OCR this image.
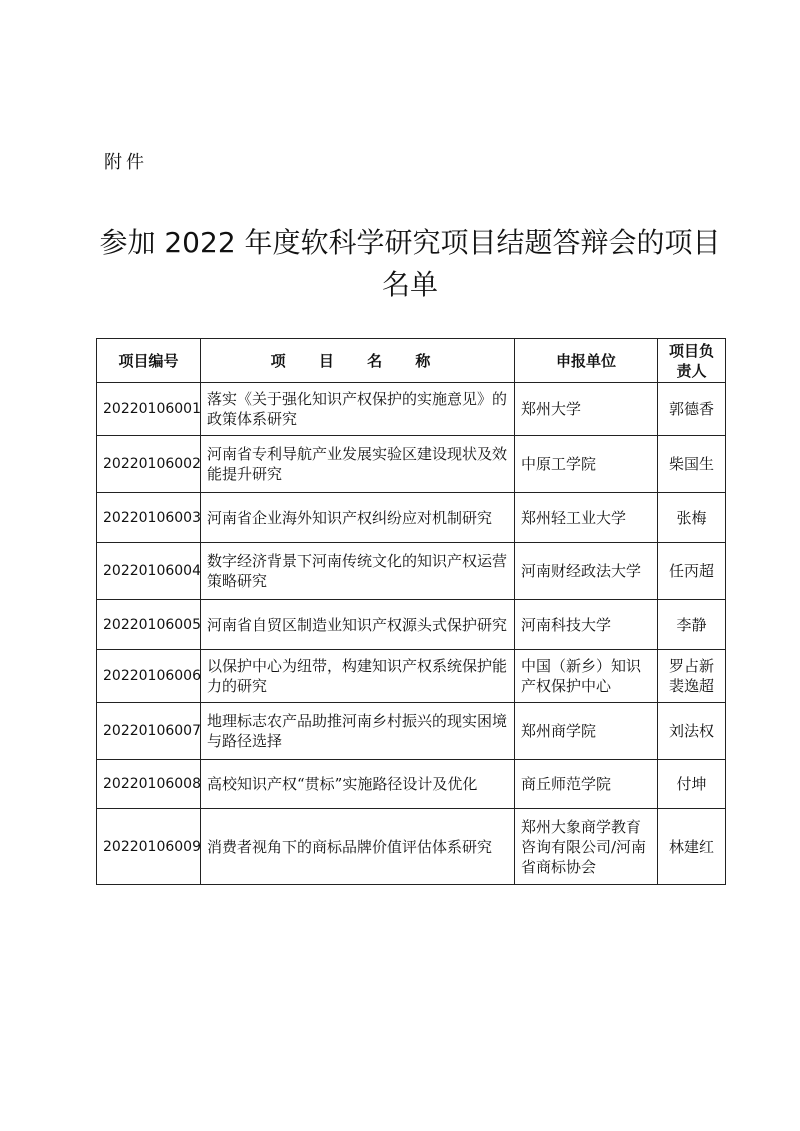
附件
参加 2022 年度软科学研究项目结题答辩会的项目名单
项目编号	项 目 名 称	申报单位	项目负责人
20220106001	落实《关于强化知识产权保护的实施意见》的政策体系研究	郑州大学	郭德香
20220106002	河南省专利导航产业发展实验区建设现状及效能提升研究	中原工学院	柴国生
20220106003	河南省企业海外知识产权纠纷应对机制研究	郑州轻工业大学	张梅
20220106004	数字经济背景下河南传统文化的知识产权运营策略研究	河南财经政法大学	任丙超
20220106005	河南省自贸区制造业知识产权源头式保护研究	河南科技大学	李静
20220106006	以保护中心为纽带，构建知识产权系统保护能力的研究	中国（新乡）知识产权保护中心	罗占新
裴逸超
20220106007	地理标志农产品助推河南乡村振兴的现实困境与路径选择	郑州商学院	刘法权
20220106008	高校知识产权“贯标”实施路径设计及优化	商丘师范学院	付坤
20220106009	消费者视角下的商标品牌价值评估体系研究	郑州大象商学教育咨询有限公司/河南省商标协会	林建红
